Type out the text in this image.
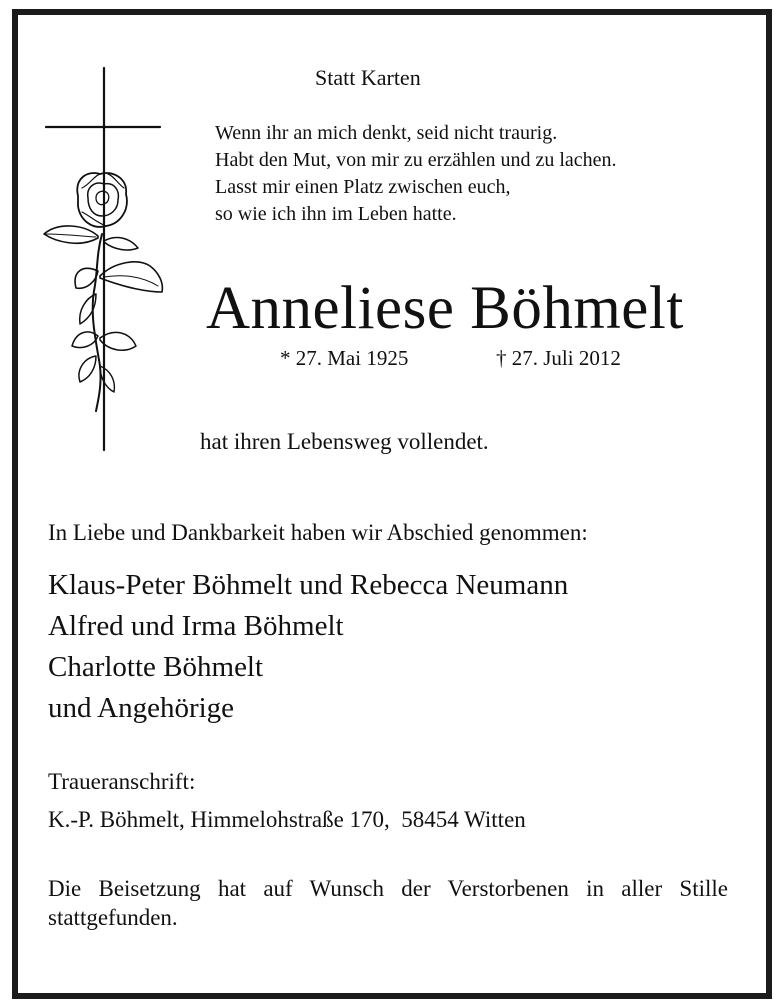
Statt Karten
Wenn ihr an mich denkt, seid nicht traurig.
Habt den Mut, von mir zu erzählen und zu lachen.
Lasst mir einen Platz zwischen euch,
so wie ich ihn im Leben hatte.
Anneliese Böhmelt
* 27. Mai 1925	† 27. Juli 2012
hat ihren Lebensweg vollendet.
In Liebe und Dankbarkeit haben wir Abschied genommen:
Klaus-Peter Böhmelt und Rebecca Neumann
Alfred und Irma Böhmelt
Charlotte Böhmelt
und Angehörige
Traueranschrift:
K.-P. Böhmelt, Himmelohstraße 170,  58454 Witten
Die Beisetzung hat auf Wunsch der Verstorbenen in aller Stille stattgefunden.
